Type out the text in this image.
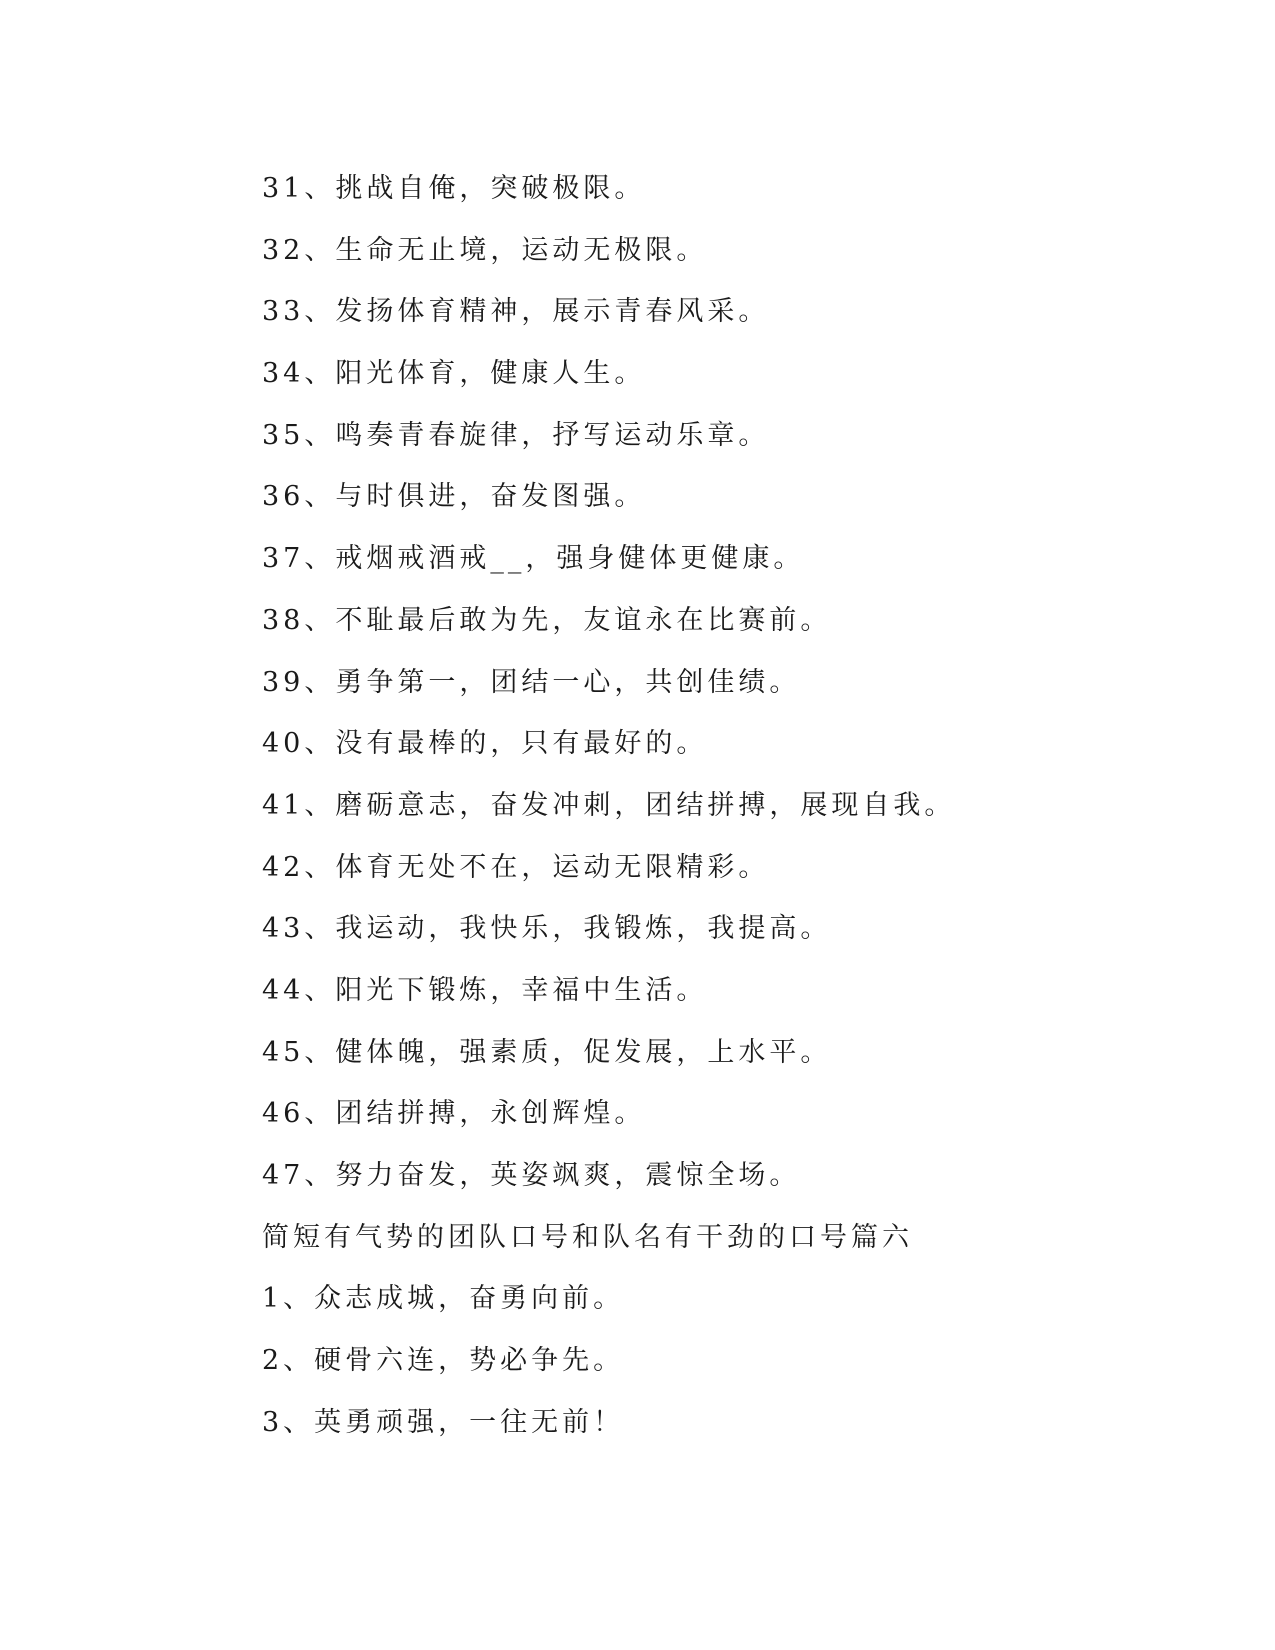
31、挑战自俺，突破极限。
32、生命无止境，运动无极限。
33、发扬体育精神，展示青春风采。
34、阳光体育，健康人生。
35、鸣奏青春旋律，抒写运动乐章。
36、与时俱进，奋发图强。
37、戒烟戒酒戒__，强身健体更健康。
38、不耻最后敢为先，友谊永在比赛前。
39、勇争第一，团结一心，共创佳绩。
40、没有最棒的，只有最好的。
41、磨砺意志，奋发冲刺，团结拼搏，展现自我。
42、体育无处不在，运动无限精彩。
43、我运动，我快乐，我锻炼，我提高。
44、阳光下锻炼，幸福中生活。
45、健体魄，强素质，促发展，上水平。
46、团结拼搏，永创辉煌。
47、努力奋发，英姿飒爽，震惊全场。
简短有气势的团队口号和队名有干劲的口号篇六
1、众志成城，奋勇向前。
2、硬骨六连，势必争先。
3、英勇顽强，一往无前！
